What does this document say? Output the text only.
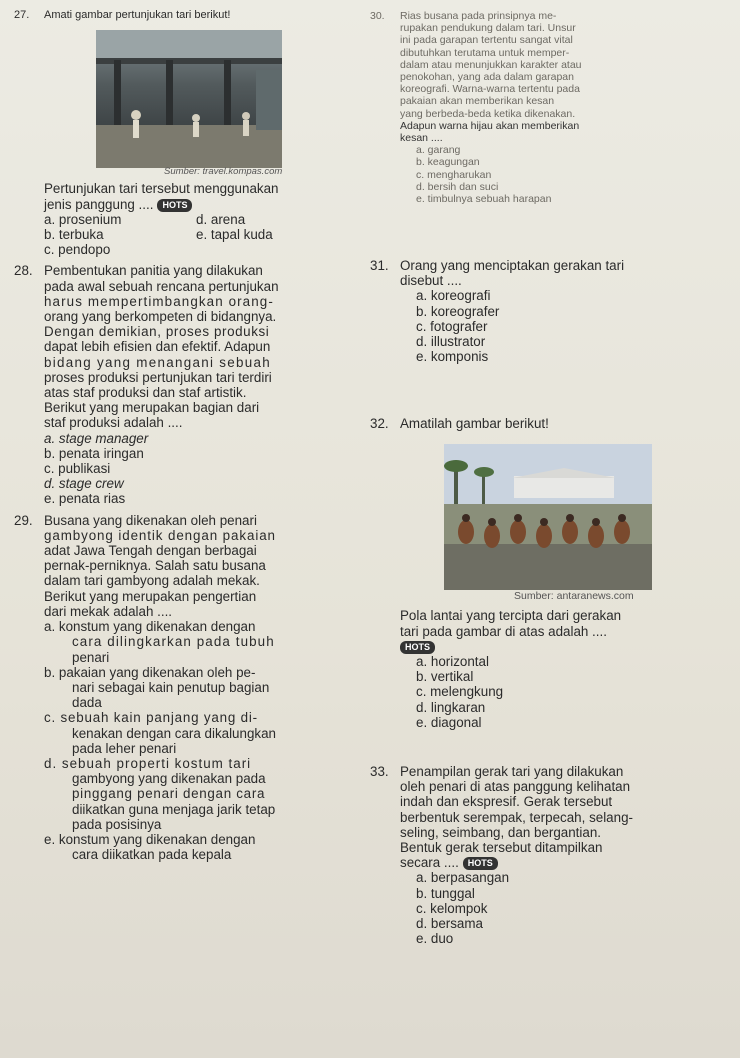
27. Amati gambar pertunjukan tari berikut!
Sumber: travel.kompas.com
Pertunjukan tari tersebut menggunakan
jenis panggung .... HOTS
a. prosenium	d. arena
b. terbuka	e. tapal kuda
c. pendopo
28. Pembentukan panitia yang dilakukan
pada awal sebuah rencana pertunjukan
harus mempertimbangkan orang-
orang yang berkompeten di bidangnya.
Dengan demikian, proses produksi
dapat lebih efisien dan efektif. Adapun
bidang yang menangani sebuah
proses produksi pertunjukan tari terdiri
atas staf produksi dan staf artistik.
Berikut yang merupakan bagian dari
staf produksi adalah ....
a. stage manager
b. penata iringan
c. publikasi
d. stage crew
e. penata rias
29. Busana yang dikenakan oleh penari
gambyong identik dengan pakaian
adat Jawa Tengah dengan berbagai
pernak-perniknya. Salah satu busana
dalam tari gambyong adalah mekak.
Berikut yang merupakan pengertian
dari mekak adalah ....
a. konstum yang dikenakan dengan
cara dilingkarkan pada tubuh
penari
b. pakaian yang dikenakan oleh pe-
nari sebagai kain penutup bagian
dada
c. sebuah kain panjang yang di-
kenakan dengan cara dikalungkan
pada leher penari
d. sebuah properti kostum tari
gambyong yang dikenakan pada
pinggang penari dengan cara
diikatkan guna menjaga jarik tetap
pada posisinya
e. konstum yang dikenakan dengan
cara diikatkan pada kepala
30. Rias busana pada prinsipnya me-
rupakan pendukung dalam tari. Unsur
ini pada garapan tertentu sangat vital
dibutuhkan terutama untuk memper-
dalam atau menunjukkan karakter atau
penokohan, yang ada dalam garapan
koreografi. Warna-warna tertentu pada
pakaian akan memberikan kesan
yang berbeda-beda ketika dikenakan.
Adapun warna hijau akan memberikan
kesan ....
a. garang
b. keagungan
c. mengharukan
d. bersih dan suci
e. timbulnya sebuah harapan
31. Orang yang menciptakan gerakan tari
disebut ....
a. koreografi
b. koreografer
c. fotografer
d. illustrator
e. komponis
32. Amatilah gambar berikut!
Sumber: antaranews.com
Pola lantai yang tercipta dari gerakan
tari pada gambar di atas adalah ....
HOTS
a. horizontal
b. vertikal
c. melengkung
d. lingkaran
e. diagonal
33. Penampilan gerak tari yang dilakukan
oleh penari di atas panggung kelihatan
indah dan ekspresif. Gerak tersebut
berbentuk serempak, terpecah, selang-
seling, seimbang, dan bergantian.
Bentuk gerak tersebut ditampilkan
secara .... HOTS
a. berpasangan
b. tunggal
c. kelompok
d. bersama
e. duo
